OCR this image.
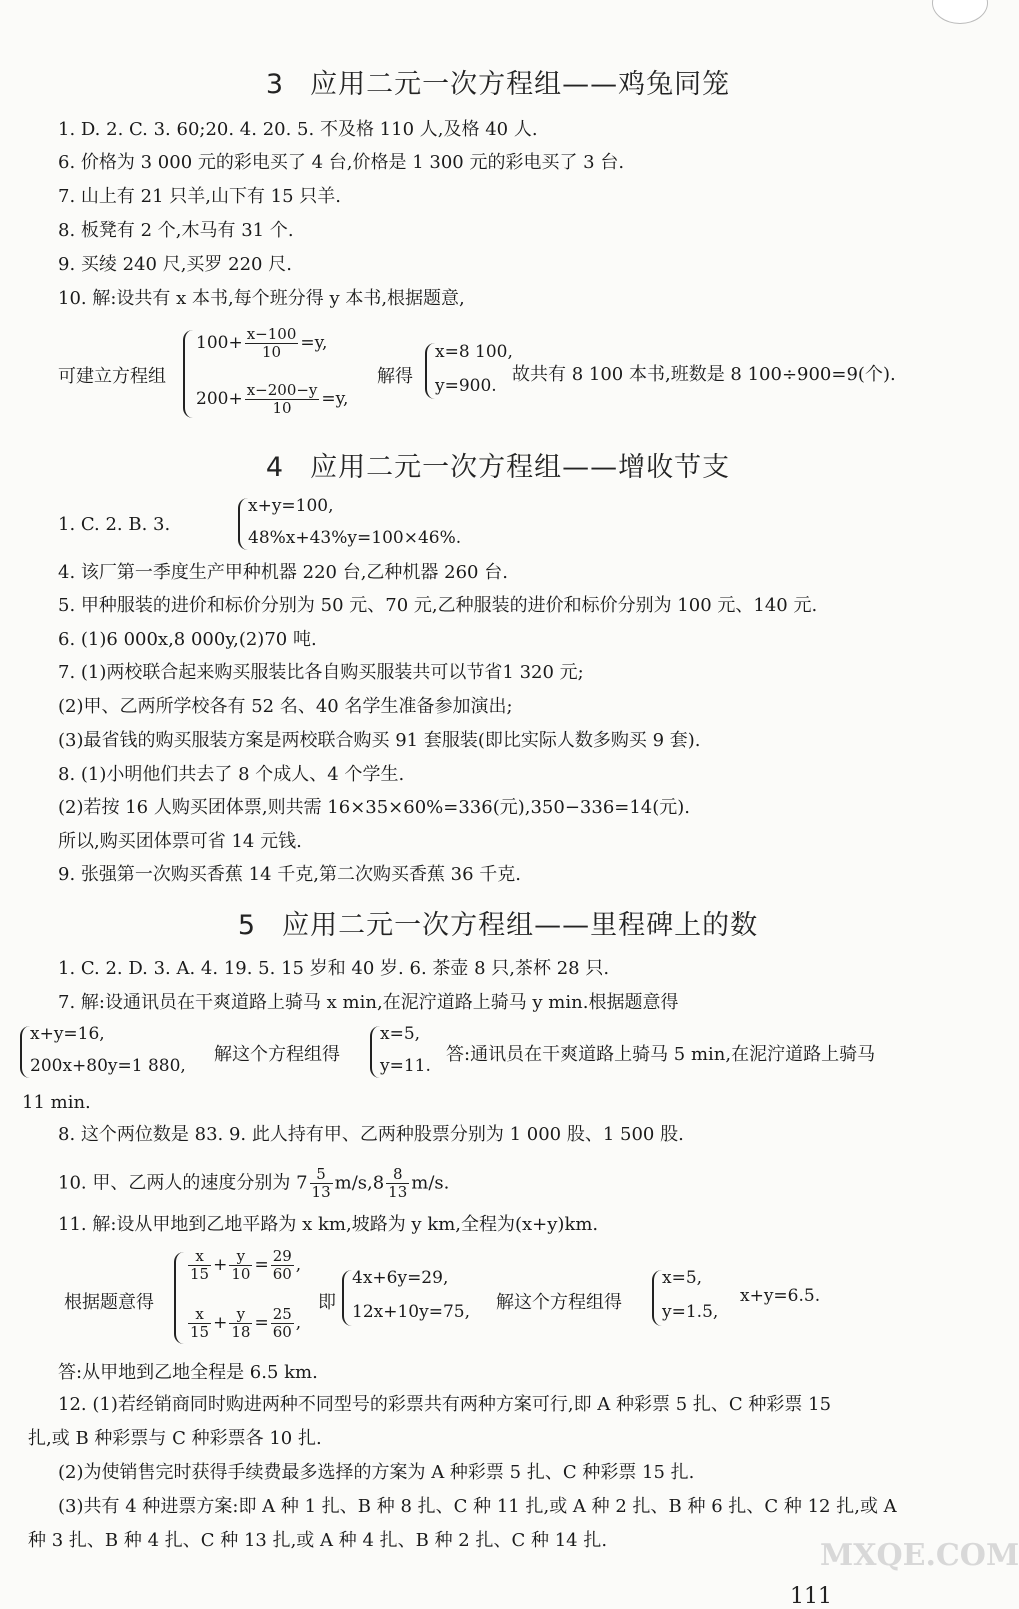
3 应用二元一次方程组——鸡兔同笼
1. D. 2. C. 3. 60;20. 4. 20. 5. 不及格 110 人,及格 40 人.
6. 价格为 3 000 元的彩电买了 4 台,价格是 1 300 元的彩电买了 3 台.
7. 山上有 21 只羊,山下有 15 只羊.
8. 板凳有 2 个,木马有 31 个.
9. 买绫 240 尺,买罗 220 尺.
10. 解:设共有 x 本书,每个班分得 y 本书,根据题意,
可建立方程组
$100+ \frac{x-100}{10} =y$,
$200+ \frac{x-200-y}{10} =y$,
解得
x=8 100,
y=900.
故共有 8 100 本书,班数是 8 100÷900=9(个).
4 应用二元一次方程组——增收节支
1. C. 2. B. 3.
x+y=100,
48%x+43%y=100×46%.
4. 该厂第一季度生产甲种机器 220 台,乙种机器 260 台.
5. 甲种服装的进价和标价分别为 50 元、70 元,乙种服装的进价和标价分别为 100 元、140 元.
6. (1)6 000x,8 000y,(2)70 吨.
7. (1)两校联合起来购买服装比各自购买服装共可以节省1 320 元;
(2)甲、乙两所学校各有 52 名、40 名学生准备参加演出;
(3)最省钱的购买服装方案是两校联合购买 91 套服装(即比实际人数多购买 9 套).
8. (1)小明他们共去了 8 个成人、4 个学生.
(2)若按 16 人购买团体票,则共需 16×35×60%=336(元),350−336=14(元).
所以,购买团体票可省 14 元钱.
9. 张强第一次购买香蕉 14 千克,第二次购买香蕉 36 千克.
5 应用二元一次方程组——里程碑上的数
1. C. 2. D. 3. A. 4. 19. 5. 15 岁和 40 岁. 6. 茶壶 8 只,茶杯 28 只.
7. 解:设通讯员在干爽道路上骑马 x min,在泥泞道路上骑马 y min.根据题意得
x+y=16,
200x+80y=1 880,
解这个方程组得
x=5,
y=11.
答:通讯员在干爽道路上骑马 5 min,在泥泞道路上骑马
11 min.
8. 这个两位数是 83. 9. 此人持有甲、乙两种股票分别为 1 000 股、1 500 股.
10. 甲、乙两人的速度分别为 $7 \frac{5}{13} m/s,8 \frac{8}{13} m/s$.
11. 解:设从甲地到乙地平路为 x km,坡路为 y km,全程为(x+y)km.
根据题意得
$\frac{x}{15} + \frac{y}{10} = \frac{29}{60}$ ,
$\frac{x}{15} + \frac{y}{18} = \frac{25}{60}$ ,
即
4x+6y=29,
12x+10y=75, 解这个方程组得
x=5,
y=1.5,
x+y=6.5.
答:从甲地到乙地全程是 6.5 km.
12. (1)若经销商同时购进两种不同型号的彩票共有两种方案可行,即 A 种彩票 5 扎、C 种彩票 15
扎,或 B 种彩票与 C 种彩票各 10 扎.
(2)为使销售完时获得手续费最多选择的方案为 A 种彩票 5 扎、C 种彩票 15 扎.
(3)共有 4 种进票方案:即 A 种 1 扎、B 种 8 扎、C 种 11 扎,或 A 种 2 扎、B 种 6 扎、C 种 12 扎,或 A
种 3 扎、B 种 4 扎、C 种 13 扎,或 A 种 4 扎、B 种 2 扎、C 种 14 扎.	MXQE.COM
111
